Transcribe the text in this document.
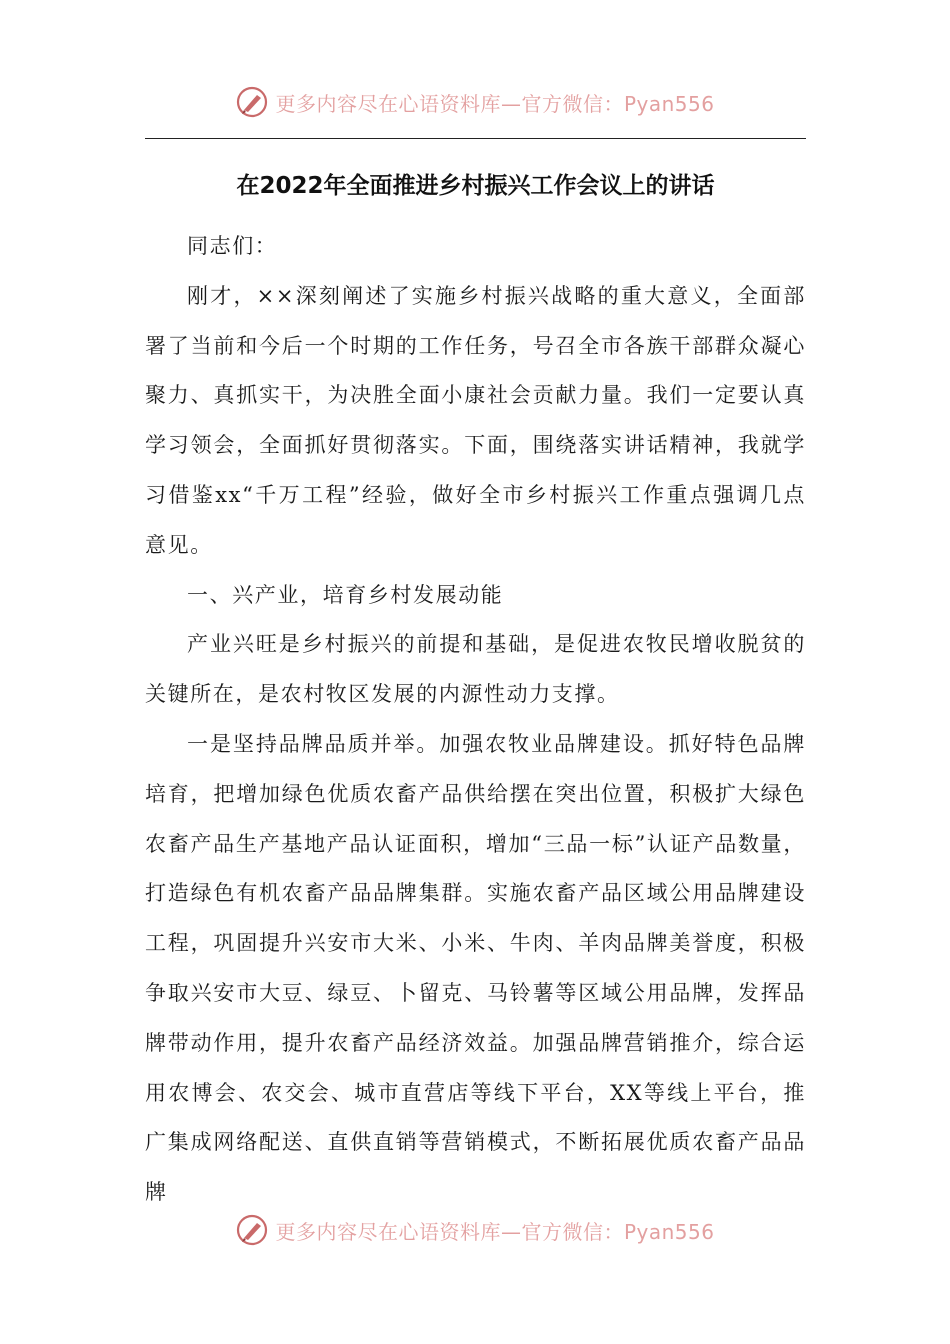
更多内容尽在心语资料库—官方微信：Pyan556
在2022年全面推进乡村振兴工作会议上的讲话

同志们：

刚才，××深刻阐述了实施乡村振兴战略的重大意义，全面部署了当前和今后一个时期的工作任务，号召全市各族干部群众凝心聚力、真抓实干，为决胜全面小康社会贡献力量。我们一定要认真学习领会，全面抓好贯彻落实。下面，围绕落实讲话精神，我就学习借鉴xx“千万工程”经验，做好全市乡村振兴工作重点强调几点意见。

一、兴产业，培育乡村发展动能

产业兴旺是乡村振兴的前提和基础，是促进农牧民增收脱贫的关键所在，是农村牧区发展的内源性动力支撑。

一是坚持品牌品质并举。加强农牧业品牌建设。抓好特色品牌培育，把增加绿色优质农畜产品供给摆在突出位置，积极扩大绿色农畜产品生产基地产品认证面积，增加“三品一标”认证产品数量，打造绿色有机农畜产品品牌集群。实施农畜产品区域公用品牌建设工程，巩固提升兴安市大米、小米、牛肉、羊肉品牌美誉度，积极争取兴安市大豆、绿豆、卜留克、马铃薯等区域公用品牌，发挥品牌带动作用，提升农畜产品经济效益。加强品牌营销推介，综合运用农博会、农交会、城市直营店等线下平台，XX等线上平台，推广集成网络配送、直供直销等营销模式，不断拓展优质农畜产品品牌

更多内容尽在心语资料库—官方微信：Pyan556
